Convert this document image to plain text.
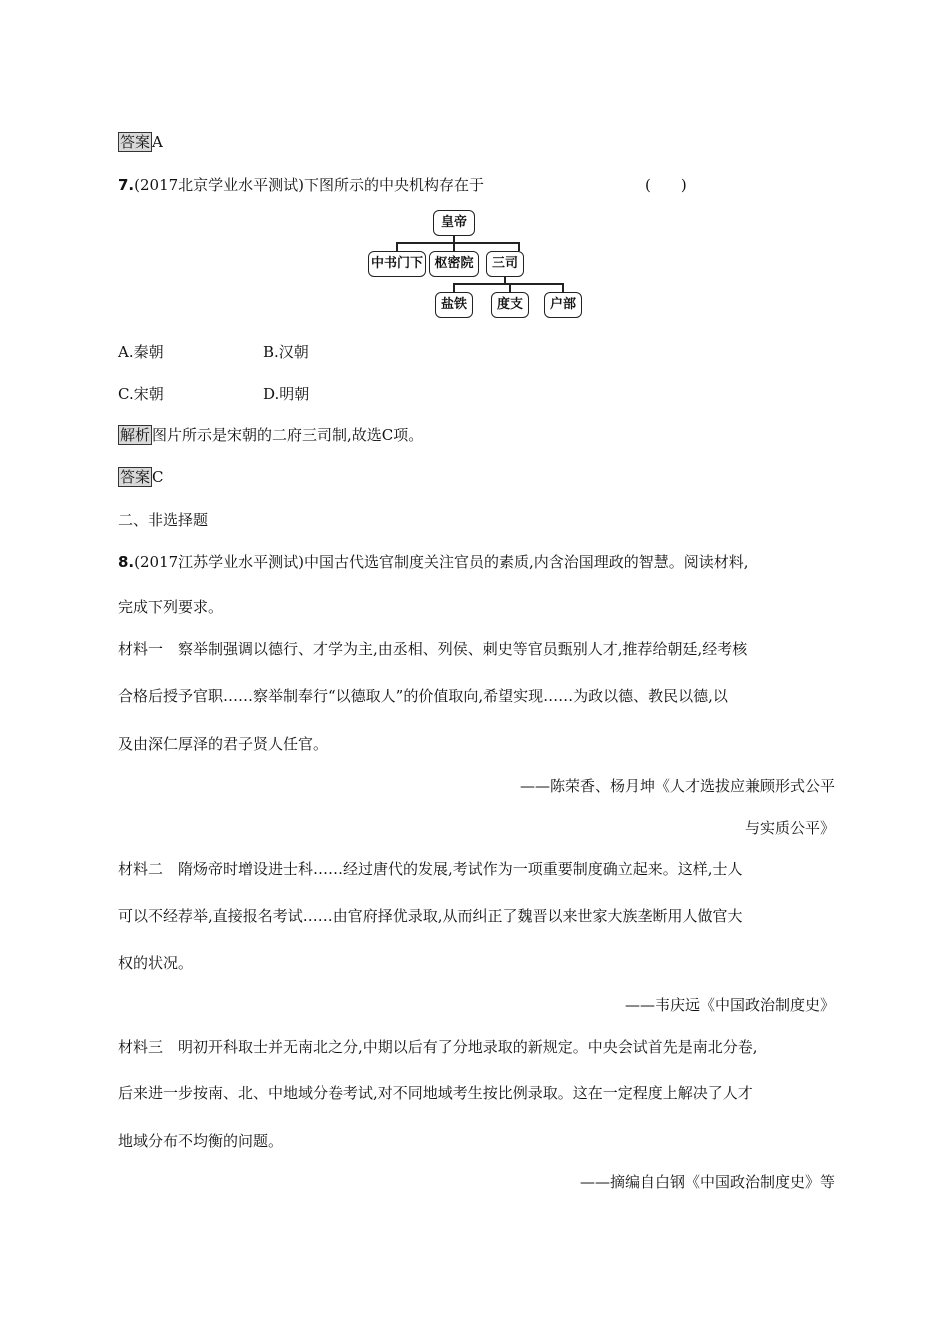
答案 A
7.(2017北京学业水平测试)下图所示的中央机构存在于	(　　)
皇帝
中书门下 枢密院	三司
盐铁	度支	户部
A.秦朝	B.汉朝
C.宋朝	D.明朝
解析 图片所示是宋朝的二府三司制,故选C项。
答案 C
二、非选择题
8.(2017江苏学业水平测试)中国古代选官制度关注官员的素质,内含治国理政的智慧。阅读材料,
完成下列要求。
材料一　察举制强调以德行、才学为主,由丞相、列侯、刺史等官员甄别人才,推荐给朝廷,经考核
合格后授予官职……察举制奉行“以德取人”的价值取向,希望实现……为政以德、教民以德,以
及由深仁厚泽的君子贤人任官。
——陈荣香、杨月坤《人才选拔应兼顾形式公平
与实质公平》
材料二　隋炀帝时增设进士科……经过唐代的发展,考试作为一项重要制度确立起来。这样,士人
可以不经荐举,直接报名考试……由官府择优录取,从而纠正了魏晋以来世家大族垄断用人做官大
权的状况。
——韦庆远《中国政治制度史》
材料三　明初开科取士并无南北之分,中期以后有了分地录取的新规定。中央会试首先是南北分卷,
后来进一步按南、北、中地域分卷考试,对不同地域考生按比例录取。这在一定程度上解决了人才
地域分布不均衡的问题。
——摘编自白钢《中国政治制度史》等
